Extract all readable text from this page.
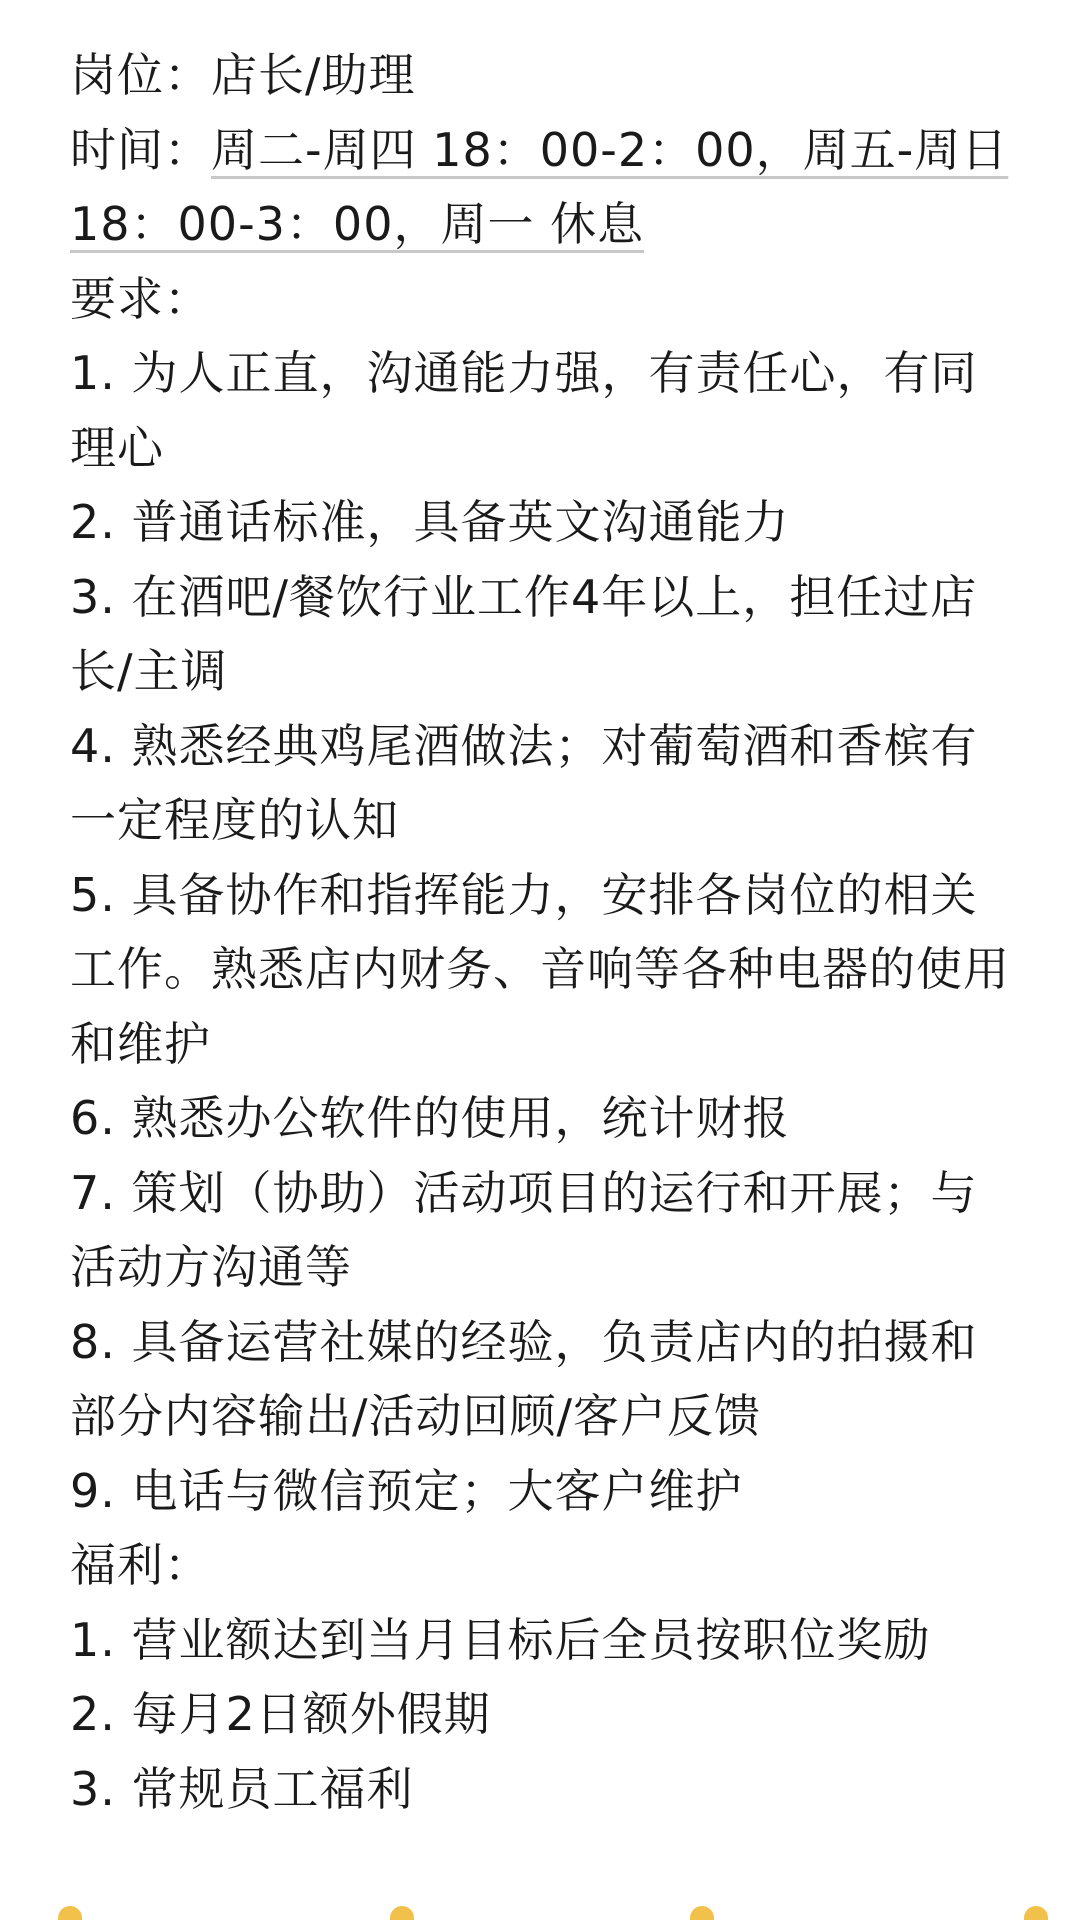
岗位：店长/助理
时间：周二-周四 18：00-2：00，周五-周日 18：00-3：00，周一 休息
要求：
1. 为人正直，沟通能力强，有责任心，有同理心
2. 普通话标准，具备英文沟通能力
3. 在酒吧/餐饮行业工作4年以上，担任过店长/主调
4. 熟悉经典鸡尾酒做法；对葡萄酒和香槟有一定程度的认知
5. 具备协作和指挥能力，安排各岗位的相关工作。熟悉店内财务、音响等各种电器的使用和维护
6. 熟悉办公软件的使用，统计财报
7. 策划（协助）活动项目的运行和开展；与活动方沟通等
8. 具备运营社媒的经验，负责店内的拍摄和部分内容输出/活动回顾/客户反馈
9. 电话与微信预定；大客户维护
福利：
1. 营业额达到当月目标后全员按职位奖励
2. 每月2日额外假期
3. 常规员工福利
